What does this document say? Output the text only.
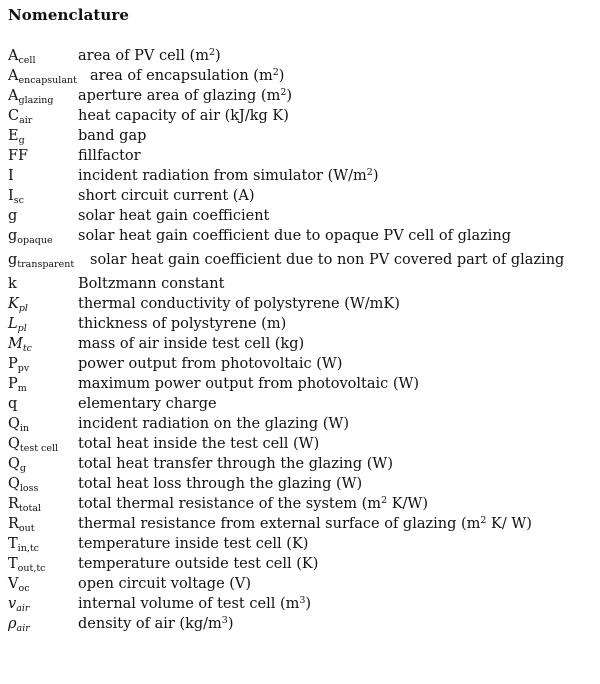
Nomenclature
$A_{cell}$	area of PV cell $(m^2)$
$A_{encapsulant}$ area of encapsulation $(m^2)$
$A_{glazing}$	aperture area of glazing $(m^2)$
$C_{air}$	heat capacity of air (kJ/kg K)
$E_g$	band gap
FF	fillfactor
I	incident radiation from simulator $(W/m^2)$
$I_{sc}$	short circuit current (A)
g	solar heat gain coefficient
$g_{opaque}$	solar heat gain coefficient due to opaque PV cell of glazing
$g_{transparent}$	solar heat gain coefficient due to non PV covered part of glazing
k	Boltzmann constant
$K_{pl}$	thermal conductivity of polystyrene (W/mK)
$L_{pl}$	thickness of polystyrene (m)
$M_{tc}$	mass of air inside test cell (kg)
$P_{pv}$	power output from photovoltaic (W)
$P_m$	maximum power output from photovoltaic (W)
q	elementary charge
$Q_{in}$	incident radiation on the glazing (W)
$Q_{test cell}$	total heat inside the test cell (W)
$Q_g$	total heat transfer through the glazing (W)
$Q_{loss}$	total heat loss through the glazing (W)
$R_{total}$	total thermal resistance of the system ($m^2$ K/W)
$R_{out}$	thermal resistance from external surface of glazing ($m^2$ K/ W)
$T_{in,tc}$	temperature inside test cell (K)
$T_{out,tc}$	temperature outside test cell (K)
$V_{oc}$	open circuit voltage (V)
$v_{air}$	internal volume of test cell $(m^3)$
$\rho_{air}$	density of air $(kg/m^3)$
